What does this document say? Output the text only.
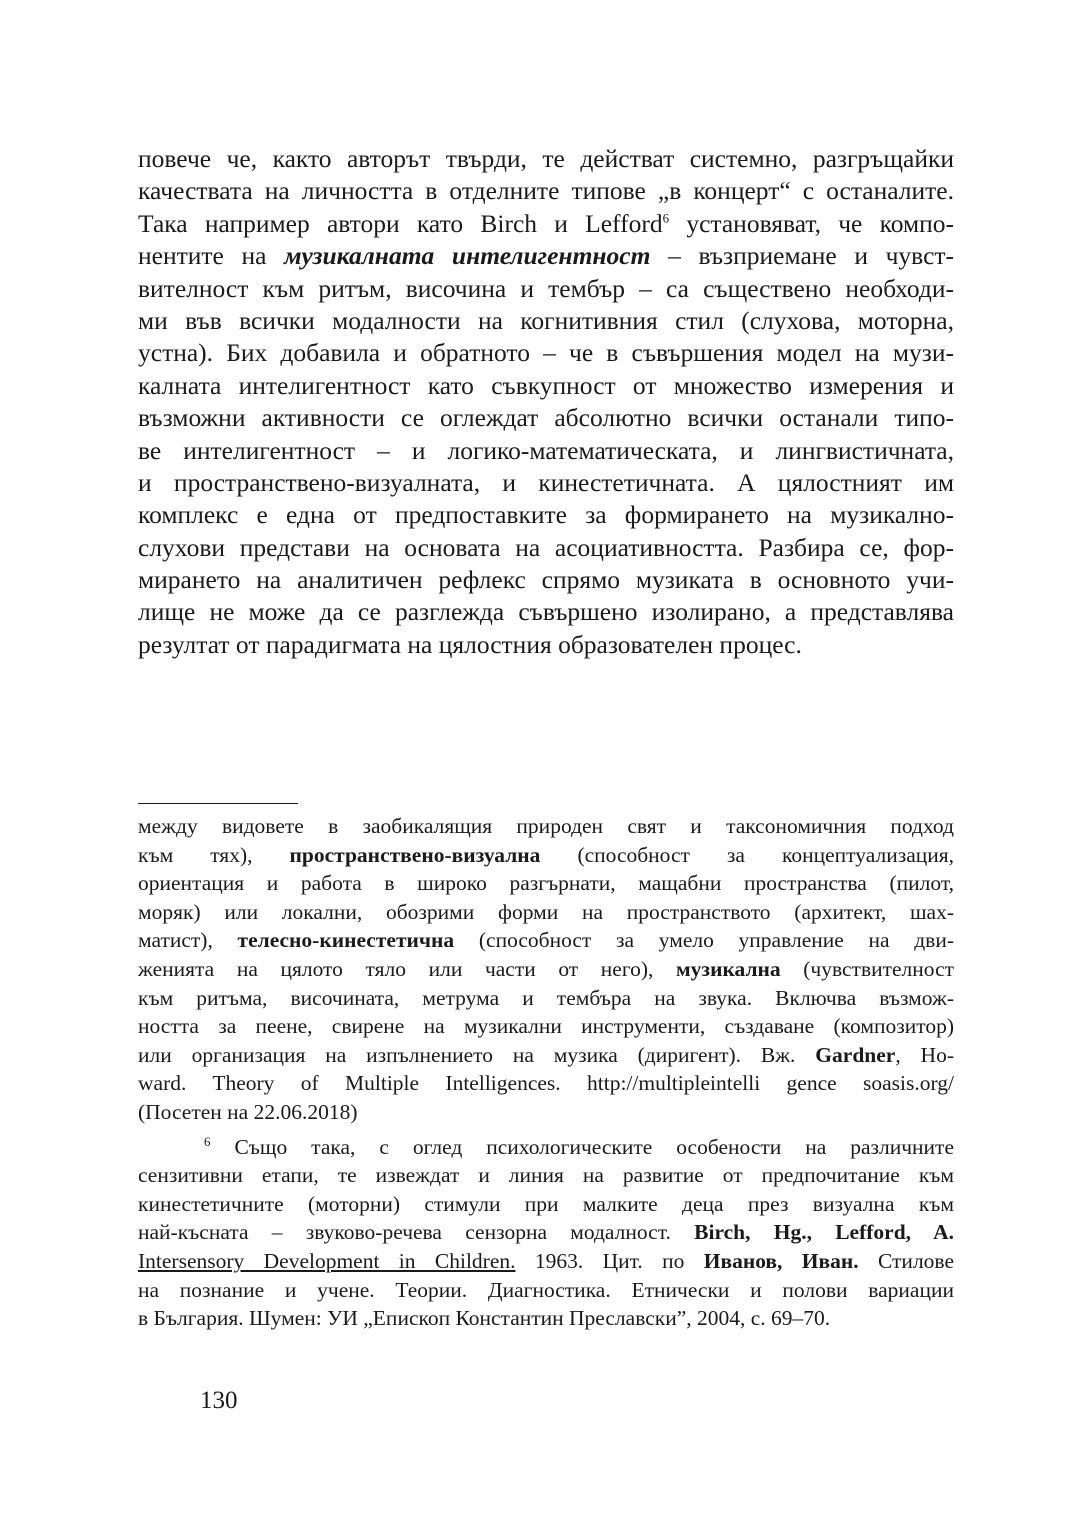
повече че, както авторът твърди, те действат системно, разгръщайки
качествата на личността в отделните типове „в концерт“ с останалите.
Така например автори като Birch и Lefford$^6$ установяват, че компо-
нентите на музикалната интелигентност – възприемане и чувст-
вителност към ритъм, височина и тембър – са съществено необходи-
ми във всички модалности на когнитивния стил (слухова, моторна,
устна). Бих добавила и обратното – че в съвършения модел на музи-
калната интелигентност като съвкупност от множество измерения и
възможни активности се оглеждат абсолютно всички останали типо-
ве интелигентност – и логико-математическата, и лингвистичната,
и пространствено-визуалната, и кинестетичната. А цялостният им
комплекс е една от предпоставките за формирането на музикално-
слухови представи на основата на асоциативността. Разбира се, фор-
мирането на аналитичен рефлекс спрямо музиката в основното учи-
лище не може да се разглежда съвършено изолирано, а представлява
резултат от парадигмата на цялостния образователен процес.
между видовете в заобикалящия природен свят и таксономичния подход
към тях), пространствено-визуална (способност за концептуализация,
ориентация и работа в широко разгърнати, мащабни пространства (пилот,
моряк) или локални, обозрими форми на пространството (архитект, шах-
матист), телесно-кинестетична (способност за умело управление на дви-
женията на цялото тяло или части от него), музикална (чувствителност
към ритъма, височината, метрума и тембъра на звука. Включва възмож-
ността за пеене, свирене на музикални инструменти, създаване (композитор)
или организация на изпълнението на музика (диригент). Вж. Gardner, Ho-
ward. Theory of Multiple Intelligences. http://multipleintelli gence soasis.org/
(Посетен на 22.06.2018)
$^6$ Също така, с оглед психологическите особености на различните
сензитивни етапи, те извеждат и линия на развитие от предпочитание към
кинестетичните (моторни) стимули при малките деца през визуална към
най-късната – звуково-речева сензорна модалност. Birch, Hg., Lefford, A.
Intersensory Development in Children. 1963. Цит. по Иванов, Иван. Стилове
на познание и учене. Теории. Диагностика. Етнически и полови вариации
в България. Шумен: УИ „Епископ Константин Преславски”, 2004, с. 69–70.
130
